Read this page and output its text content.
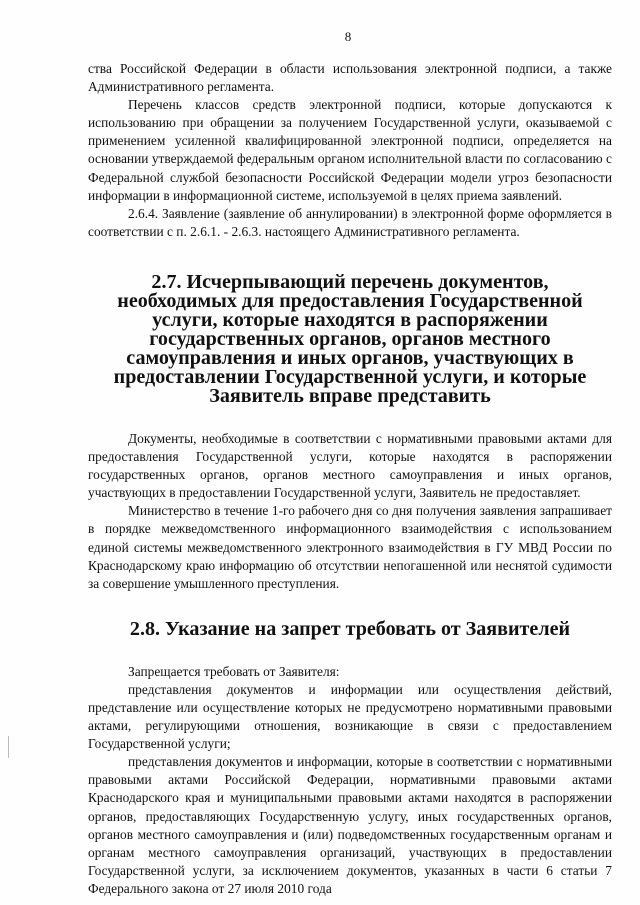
8

ства Российской Федерации в области использования электронной подписи, а также Административного регламента.

Перечень классов средств электронной подписи, которые допускаются к использованию при обращении за получением Государственной услуги, оказываемой с применением усиленной квалифицированной электронной подписи, определяется на основании утверждаемой федеральным органом исполнительной власти по согласованию с Федеральной службой безопасности Российской Федерации модели угроз безопасности информации в информационной системе, используемой в целях приема заявлений.

2.6.4. Заявление (заявление об аннулировании) в электронной форме оформляется в соответствии с п. 2.6.1. - 2.6.3. настоящего Административного регламента.

2.7. Исчерпывающий перечень документов, необходимых для предоставления Государственной услуги, которые находятся в распоряжении государственных органов, органов местного самоуправления и иных органов, участвующих в предоставлении Государственной услуги, и которые Заявитель вправе представить

Документы, необходимые в соответствии с нормативными правовыми актами для предоставления Государственной услуги, которые находятся в распоряжении государственных органов, органов местного самоуправления и иных органов, участвующих в предоставлении Государственной услуги, Заявитель не предоставляет.

Министерство в течение 1-го рабочего дня со дня получения заявления запрашивает в порядке межведомственного информационного взаимодействия с использованием единой системы межведомственного электронного взаимодействия в ГУ МВД России по Краснодарскому краю информацию об отсутствии непогашенной или неснятой судимости за совершение умышленного преступления.

2.8. Указание на запрет требовать от Заявителей

Запрещается требовать от Заявителя:

представления документов и информации или осуществления действий, представление или осуществление которых не предусмотрено нормативными правовыми актами, регулирующими отношения, возникающие в связи с предоставлением Государственной услуги;

представления документов и информации, которые в соответствии с нормативными правовыми актами Российской Федерации, нормативными правовыми актами Краснодарского края и муниципальными правовыми актами находятся в распоряжении органов, предоставляющих Государственную услугу, иных государственных органов, органов местного самоуправления и (или) подведомственных государственным органам и органам местного самоуправления организаций, участвующих в предоставлении Государственной услуги, за исключением документов, указанных в части 6 статьи 7 Федерального закона от 27 июля 2010 года
